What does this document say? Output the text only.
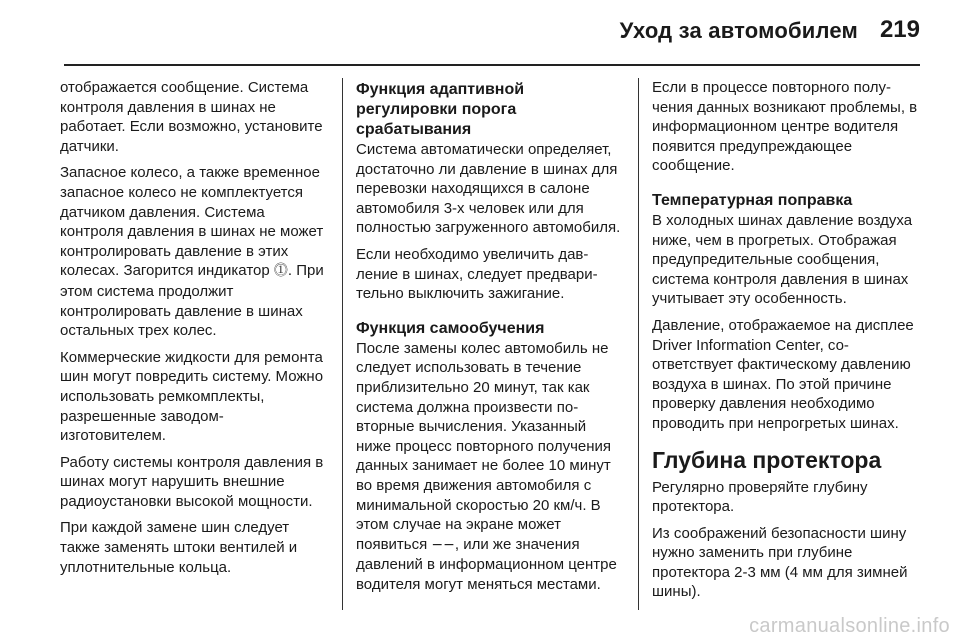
Уход за автомобилем 219

отображается сообщение. Система контроля давления в шинах не работает. Если возможно, установите датчики.

Запасное колесо, а также временное запасное колесо не комплектуется датчиком давления. Система контроля давления в шинах не может контролировать давление в этих колесах. Загорится индикатор ⓵. При этом система продолжит контролировать давление в шинах остальных трех колес.

Коммерческие жидкости для ремонта шин могут повредить систему. Можно использовать ремкомплекты, разрешенные заводом-изготовителем.

Работу системы контроля давления в шинах могут нарушить внешние радиоустановки высокой мощности.

При каждой замене шин следует также заменять штоки вентилей и уплотнительные кольца.

Функция адаптивной регулировки порога срабатывания

Система автоматически определяет, достаточно ли давление в шинах для перевозки находящихся в салоне автомобиля 3-х человек или для полностью загруженного автомобиля.

Если необходимо увеличить давление в шинах, следует предварительно выключить зажигание.

Функция самообучения

После замены колес автомобиль не следует использовать в течение приблизительно 20 минут, так как система должна произвести повторные вычисления. Указанный ниже процесс повторного получения данных занимает не более 10 минут во время движения автомобиля с минимальной скоростью 20 км/ч. В этом случае на экране может появиться −−, или же значения давлений в информационном центре водителя могут меняться местами.

Если в процессе повторного получения данных возникают проблемы, в информационном центре водителя появится предупреждающее сообщение.

Температурная поправка

В холодных шинах давление воздуха ниже, чем в прогретых. Отображая предупредительные сообщения, система контроля давления в шинах учитывает эту особенность.

Давление, отображаемое на дисплее Driver Information Center, соответствует фактическому давлению воздуха в шинах. По этой причине проверку давления необходимо проводить при непрогретых шинах.

Глубина протектора

Регулярно проверяйте глубину протектора.

Из соображений безопасности шину нужно заменить при глубине протектора 2-3 мм (4 мм для зимней шины).

carmanualsonline.info
